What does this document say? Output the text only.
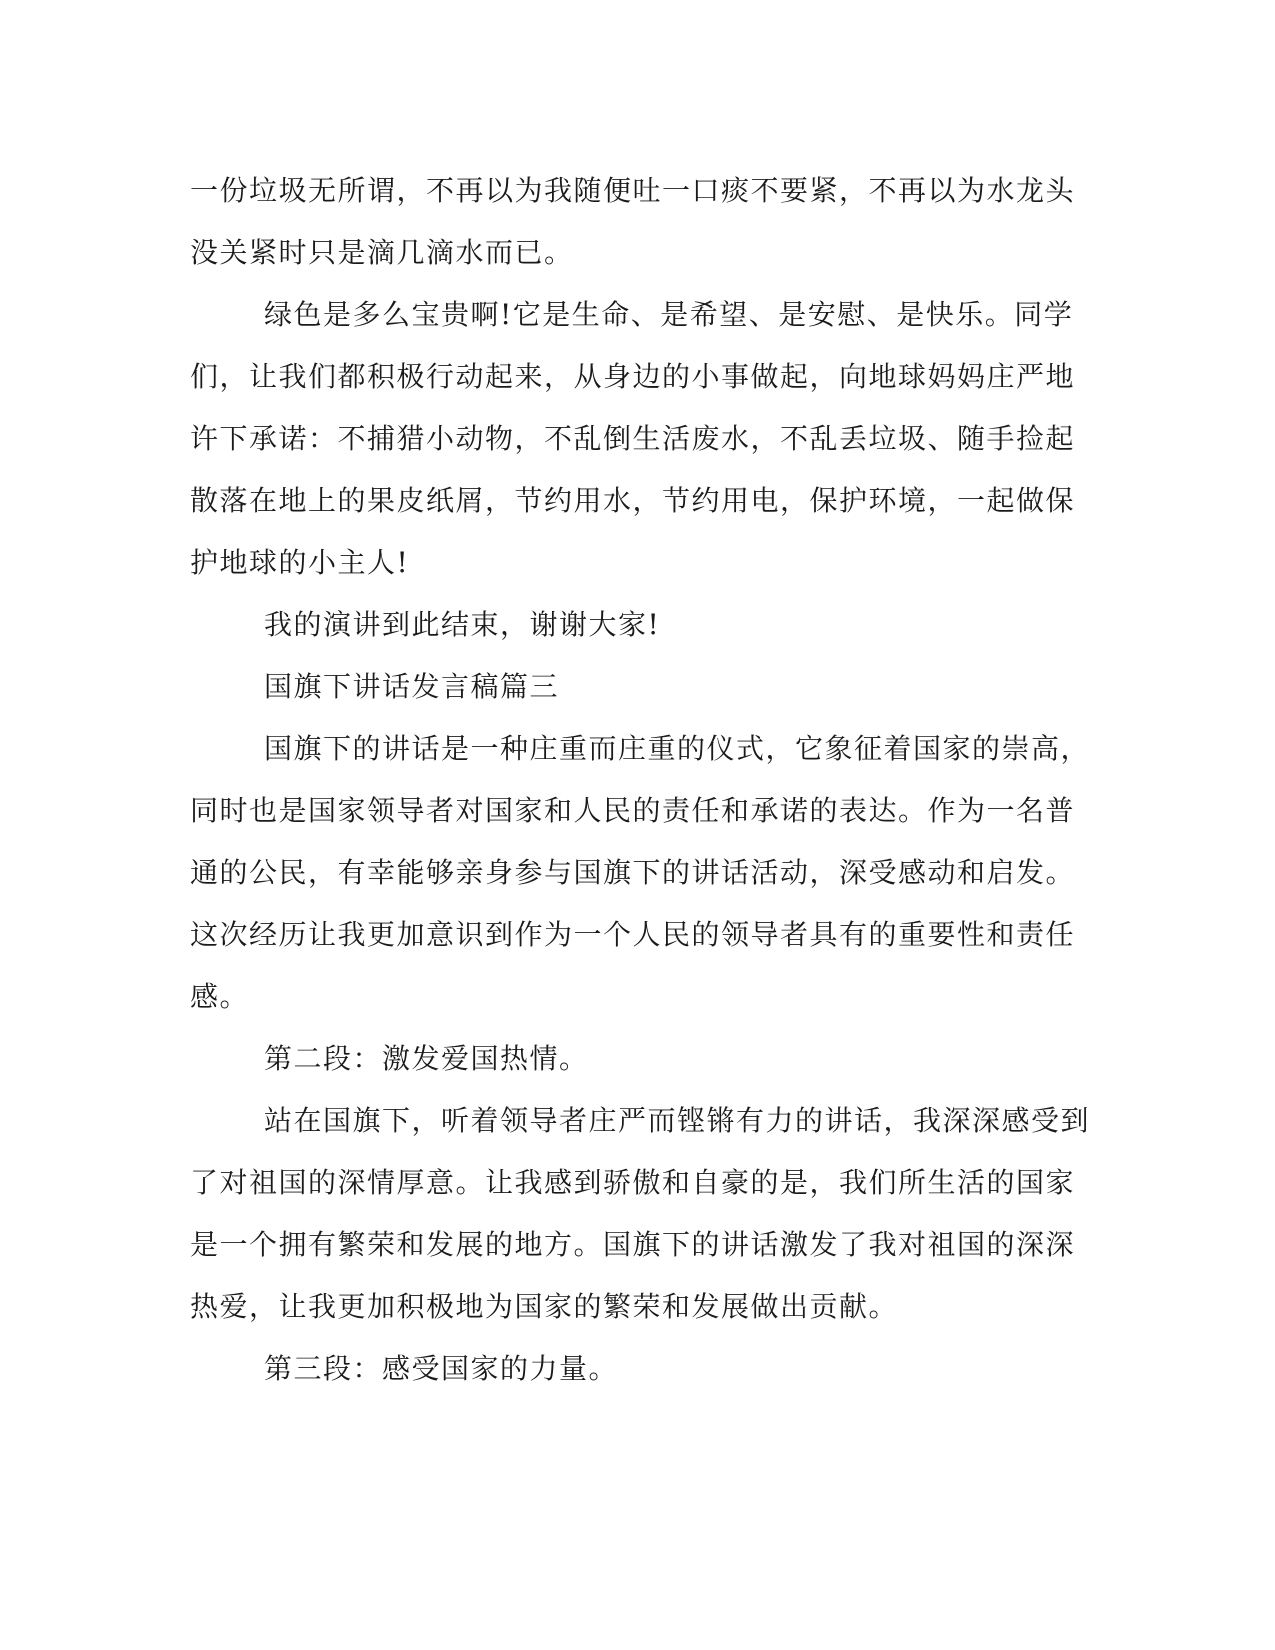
一份垃圾无所谓，不再以为我随便吐一口痰不要紧，不再以为水龙头
没关紧时只是滴几滴水而已。
绿色是多么宝贵啊!它是生命、是希望、是安慰、是快乐。同学
们，让我们都积极行动起来，从身边的小事做起，向地球妈妈庄严地
许下承诺：不捕猎小动物，不乱倒生活废水，不乱丢垃圾、随手捡起
散落在地上的果皮纸屑，节约用水，节约用电，保护环境，一起做保
护地球的小主人!
我的演讲到此结束，谢谢大家!
国旗下讲话发言稿篇三
国旗下的讲话是一种庄重而庄重的仪式，它象征着国家的崇高，
同时也是国家领导者对国家和人民的责任和承诺的表达。作为一名普
通的公民，有幸能够亲身参与国旗下的讲话活动，深受感动和启发。
这次经历让我更加意识到作为一个人民的领导者具有的重要性和责任
感。
第二段：激发爱国热情。
站在国旗下，听着领导者庄严而铿锵有力的讲话，我深深感受到
了对祖国的深情厚意。让我感到骄傲和自豪的是，我们所生活的国家
是一个拥有繁荣和发展的地方。国旗下的讲话激发了我对祖国的深深
热爱，让我更加积极地为国家的繁荣和发展做出贡献。
第三段：感受国家的力量。
